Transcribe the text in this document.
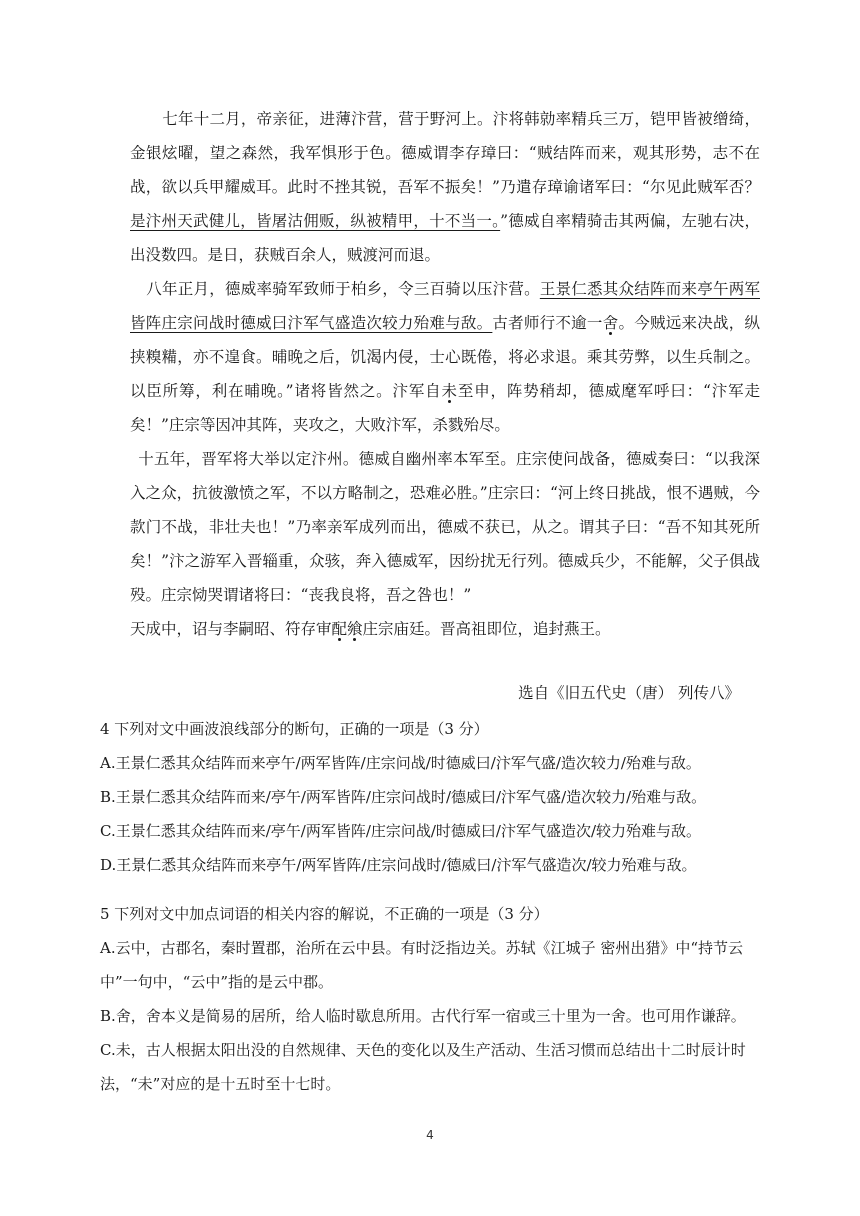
七年十二月，帝亲征，进薄汴营，营于野河上。汴将韩勍率精兵三万，铠甲皆被缯绮，金银炫曜，望之森然，我军惧形于色。德威谓李存璋曰：“贼结阵而来，观其形势，志不在战，欲以兵甲耀威耳。此时不挫其锐，吾军不振矣！”乃遣存璋谕诸军曰：“尔见此贼军否？是汴州天武健儿，皆屠沽佣贩，纵被精甲，十不当一。”德威自率精骑击其两偏，左驰右决，出没数四。是日，获贼百余人，贼渡河而退。

八年正月，德威率骑军致师于柏乡，令三百骑以压汴营。王景仁悉其众结阵而来亭午两军皆阵庄宗问战时德威曰汴军气盛造次较力殆难与敌。古者师行不逾一舍。今贼远来决战，纵挟糗糒，亦不遑食。晡晚之后，饥渴内侵，士心既倦，将必求退。乘其劳弊，以生兵制之。以臣所筹，利在晡晚。”诸将皆然之。汴军自未至申，阵势稍却，德威麾军呼曰：“汴军走矣！”庄宗等因冲其阵，夹攻之，大败汴军，杀戮殆尽。

十五年，晋军将大举以定汴州。德威自幽州率本军至。庄宗使问战备，德威奏曰：“以我深入之众，抗彼激愤之军，不以方略制之，恐难必胜。”庄宗曰：“河上终日挑战，恨不遇贼，今款门不战，非壮夫也！”乃率亲军成列而出，德威不获已，从之。谓其子曰：“吾不知其死所矣！”汴之游军入晋辎重，众骇，奔入德威军，因纷扰无行列。德威兵少，不能解，父子俱战殁。庄宗恸哭谓诸将曰：“丧我良将，吾之咎也！”

天成中，诏与李嗣昭、符存审配飨庄宗庙廷。晋高祖即位，追封燕王。

选自《旧五代史（唐） 列传八》
4 下列对文中画波浪线部分的断句，正确的一项是（3 分）
A.王景仁悉其众结阵而来亭午/两军皆阵/庄宗问战/时德威曰/汴军气盛/造次较力/殆难与敌。
B.王景仁悉其众结阵而来/亭午/两军皆阵/庄宗问战时/德威曰/汴军气盛/造次较力/殆难与敌。
C.王景仁悉其众结阵而来/亭午/两军皆阵/庄宗问战/时德威曰/汴军气盛造次/较力殆难与敌。
D.王景仁悉其众结阵而来亭午/两军皆阵/庄宗问战时/德威曰/汴军气盛造次/较力殆难与敌。
5 下列对文中加点词语的相关内容的解说，不正确的一项是（3 分）
A.云中，古郡名，秦时置郡，治所在云中县。有时泛指边关。苏轼《江城子 密州出猎》中“持节云中”一句中，“云中”指的是云中郡。
B.舍，舍本义是简易的居所，给人临时歇息所用。古代行军一宿或三十里为一舍。也可用作谦辞。
C.未，古人根据太阳出没的自然规律、天色的变化以及生产活动、生活习惯而总结出十二时辰计时法，“未”对应的是十五时至十七时。
4
